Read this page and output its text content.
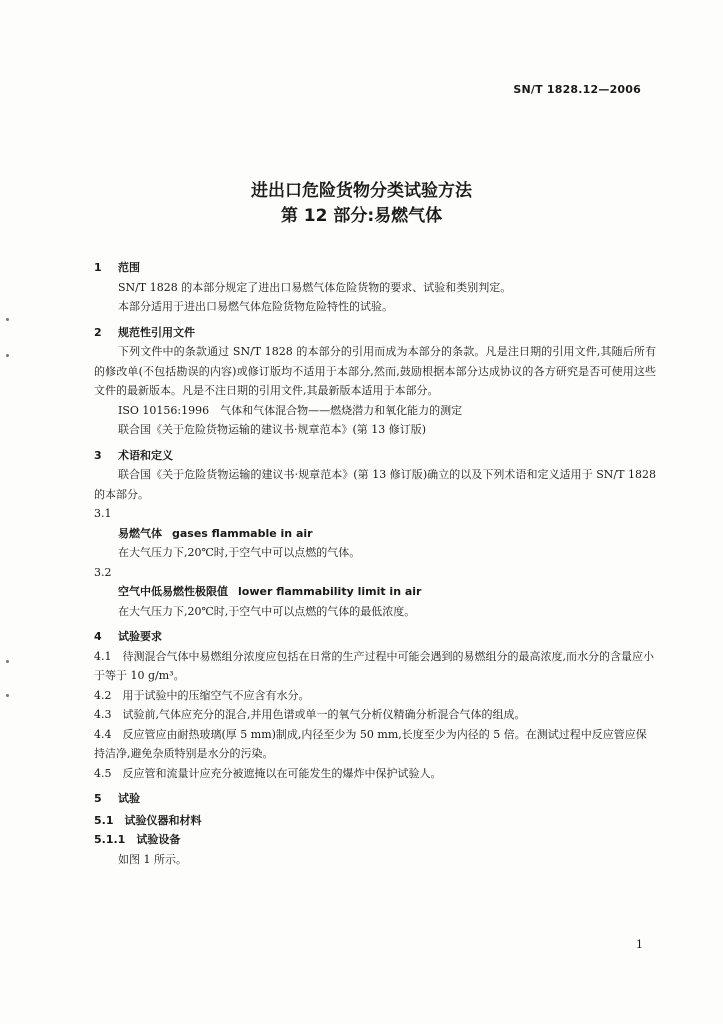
SN/T 1828.12—2006
进出口危险货物分类试验方法
第 12 部分:易燃气体
1 范围
SN/T 1828 的本部分规定了进出口易燃气体危险货物的要求、试验和类别判定。
本部分适用于进出口易燃气体危险货物危险特性的试验。
2 规范性引用文件
下列文件中的条款通过 SN/T 1828 的本部分的引用而成为本部分的条款。凡是注日期的引用文件,其随后所有的修改单(不包括勘误的内容)或修订版均不适用于本部分,然而,鼓励根据本部分达成协议的各方研究是否可使用这些文件的最新版本。凡是不注日期的引用文件,其最新版本适用于本部分。
ISO 10156:1996　气体和气体混合物——燃烧潜力和氧化能力的测定
联合国《关于危险货物运输的建议书·规章范本》(第 13 修订版)
3 术语和定义
联合国《关于危险货物运输的建议书·规章范本》(第 13 修订版)确立的以及下列术语和定义适用于 SN/T 1828 的本部分。
3.1
易燃气体 gases flammable in air
在大气压力下,20℃时,于空气中可以点燃的气体。
3.2
空气中低易燃性极限值 lower flammability limit in air
在大气压力下,20℃时,于空气中可以点燃的气体的最低浓度。
4 试验要求
4.1　待测混合气体中易燃组分浓度应包括在日常的生产过程中可能会遇到的易燃组分的最高浓度,而水分的含量应小于等于 10 g/m³。
4.2　用于试验中的压缩空气不应含有水分。
4.3　试验前,气体应充分的混合,并用色谱或单一的氧气分析仪精确分析混合气体的组成。
4.4　反应管应由耐热玻璃(厚 5 mm)制成,内径至少为 50 mm,长度至少为内径的 5 倍。在测试过程中反应管应保持洁净,避免杂质特别是水分的污染。
4.5　反应管和流量计应充分被遮掩以在可能发生的爆炸中保护试验人。
5 试验
5.1　试验仪器和材料
5.1.1　试验设备
如图 1 所示。
1
